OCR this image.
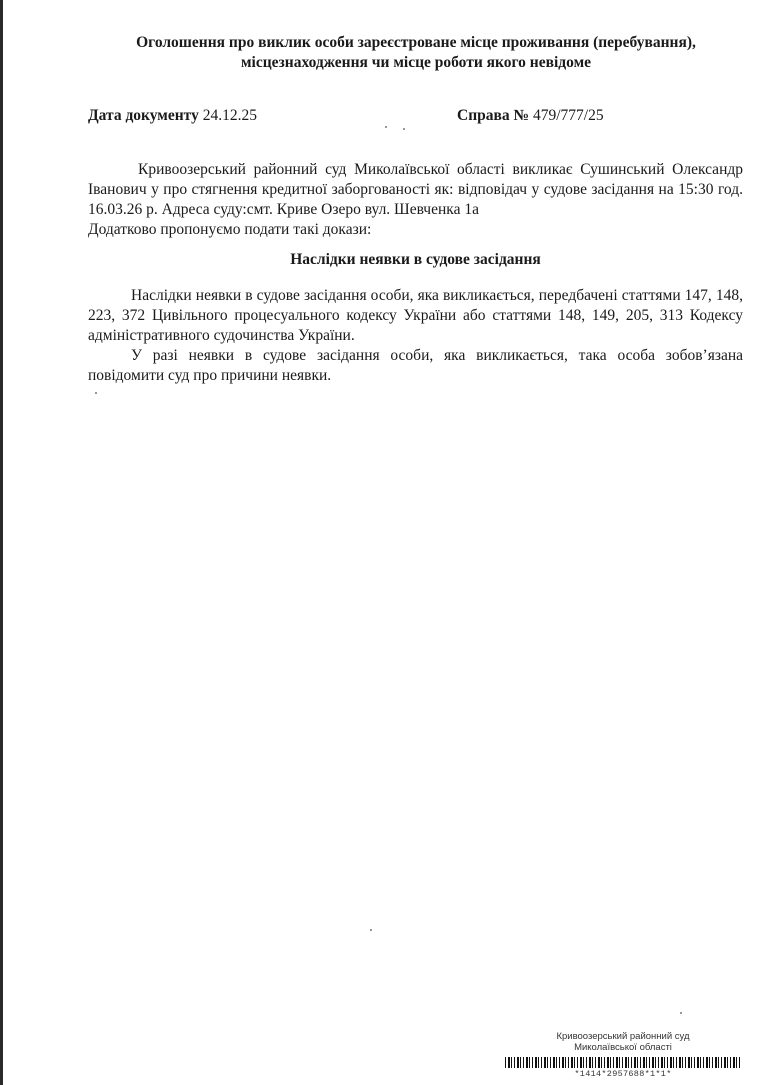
Оголошення про виклик особи зареєстроване місце проживання (перебування),
місцезнаходження чи місце роботи якого невідоме
Дата документу 24.12.25	Справа № 479/777/25

Кривоозерський районний суд Миколаївської області викликає Сушинський Олександр Іванович у про стягнення кредитної заборгованості як: відповідач у судове засідання на 15:30 год. 16.03.26 р. Адреса суду:смт. Криве Озеро вул. Шевченка 1а

Додатково пропонуємо подати такі докази:

Наслідки неявки в судове засідання

Наслідки неявки в судове засідання особи, яка викликається, передбачені статтями 147, 148, 223, 372 Цивільного процесуального кодексу України або статтями 148, 149, 205, 313 Кодексу адміністративного судочинства України.

У разі неявки в судове засідання особи, яка викликається, така особа зобов’язана повідомити суд про причини неявки.

Кривоозерський районний суд
Миколаївської області
*1414*2957688*1*1*
